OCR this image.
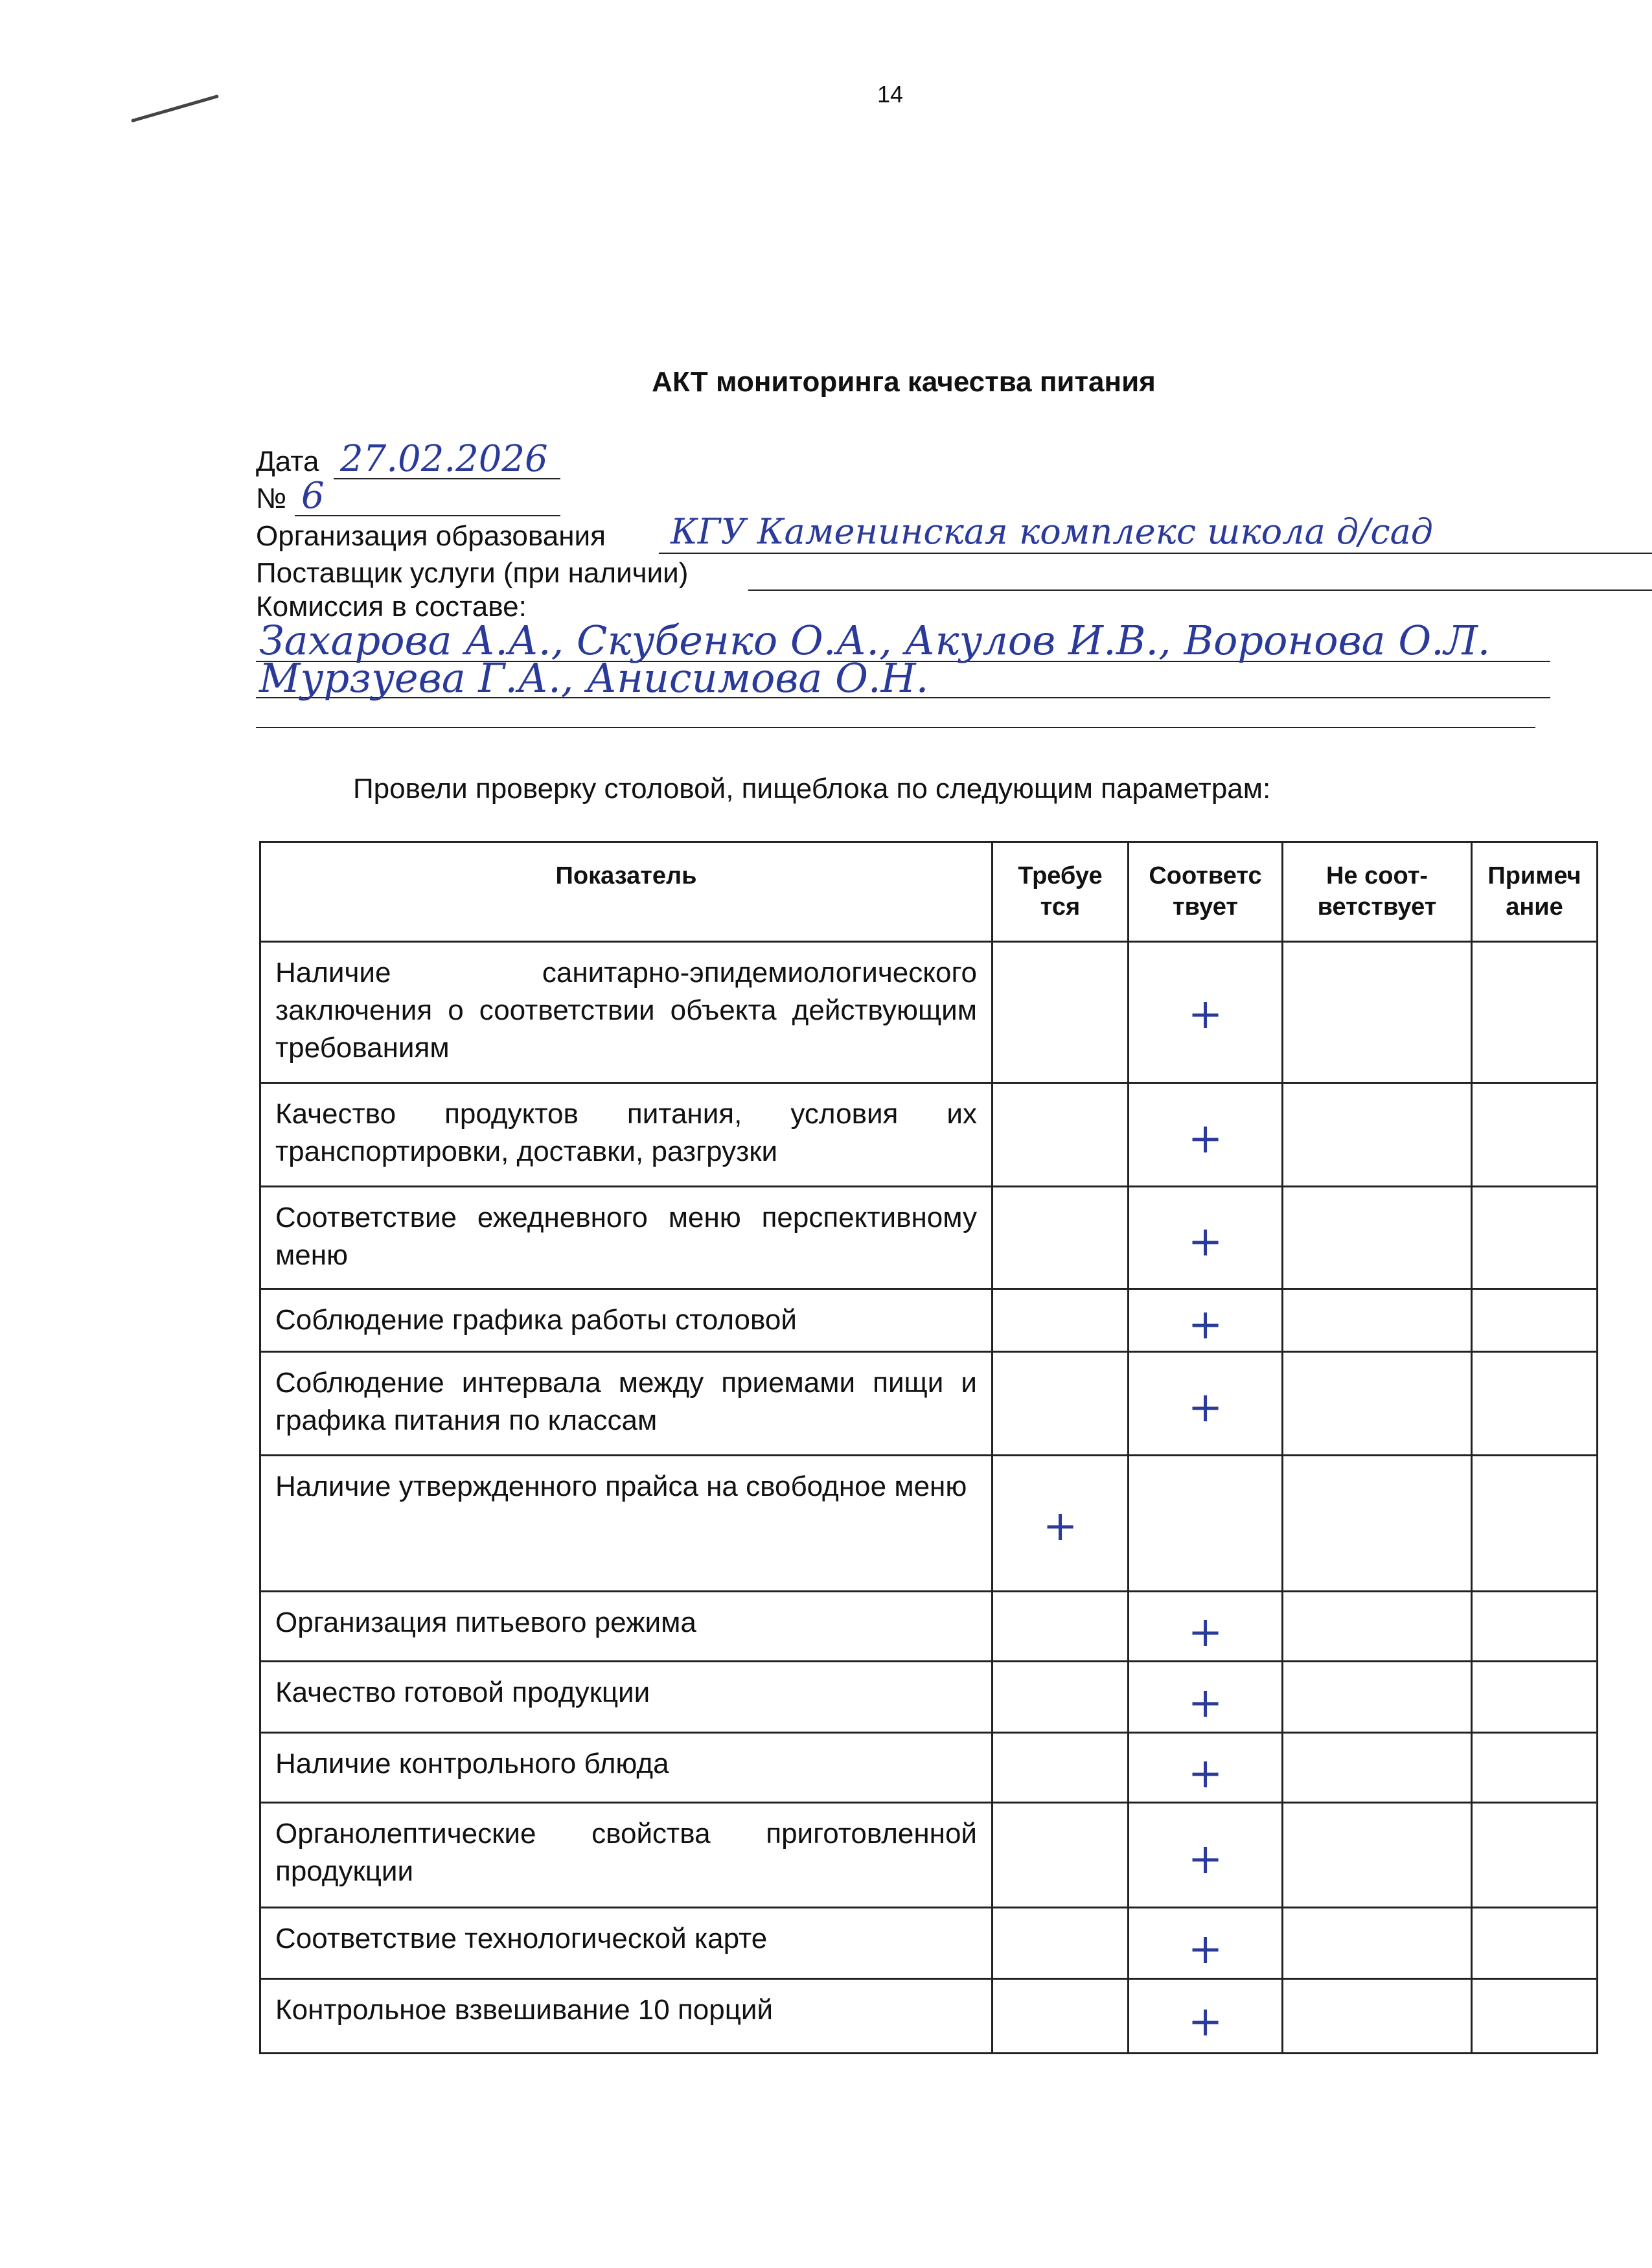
14
АКТ мониторинга качества питания
Дата 27.02.2026
№ 6
Организация образования КГУ Каменинская комплекс школа д/сад
Поставщик услуги (при наличии)
Комиссия в составе:
Захарова А.А., Скубенко О.А., Акулов И.В., Воронова О.Л.
Мурзуева Г.А., Анисимова О.Н.
Провели проверку столовой, пищеблока по следующим параметрам:
Показатель	Требуе тся	Соответс твует	Не соот- ветствует	Примеч ание
Наличие санитарно-эпидемиологического заключения о соответствии объекта действующим требованиям		+		

Качество продуктов питания, условия их транспортировки, доставки, разгрузки		+		

Соответствие ежедневного меню перспективному меню		+		

Соблюдение графика работы столовой		+		

Соблюдение интервала между приемами пищи и графика питания по классам		+		

Наличие утвержденного прайса на свободное меню	+			

Организация питьевого режима		+		

Качество готовой продукции		+		

Наличие контрольного блюда		+		

Органолептические свойства приготовленной продукции		+		

Соответствие технологической карте		+		

Контрольное взвешивание 10 порций		+		
